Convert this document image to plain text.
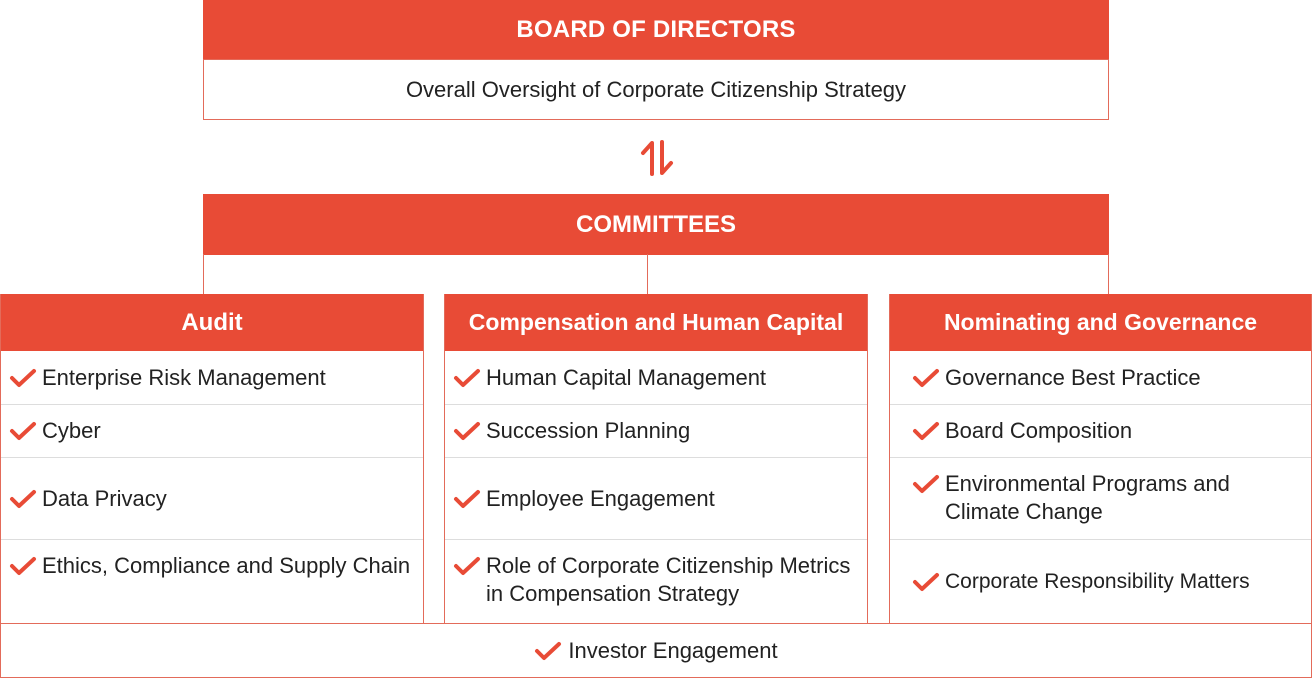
BOARD OF DIRECTORS
Overall Oversight of Corporate Citizenship Strategy
COMMITTEES
Audit
Enterprise Risk Management
Cyber
Data Privacy
Ethics, Compliance and Supply Chain
Compensation and Human Capital
Human Capital Management
Succession Planning
Employee Engagement
Role of Corporate Citizenship Metrics in Compensation Strategy
Nominating and Governance
Governance Best Practice
Board Composition
Environmental Programs and Climate Change
Corporate Responsibility Matters
Investor Engagement
